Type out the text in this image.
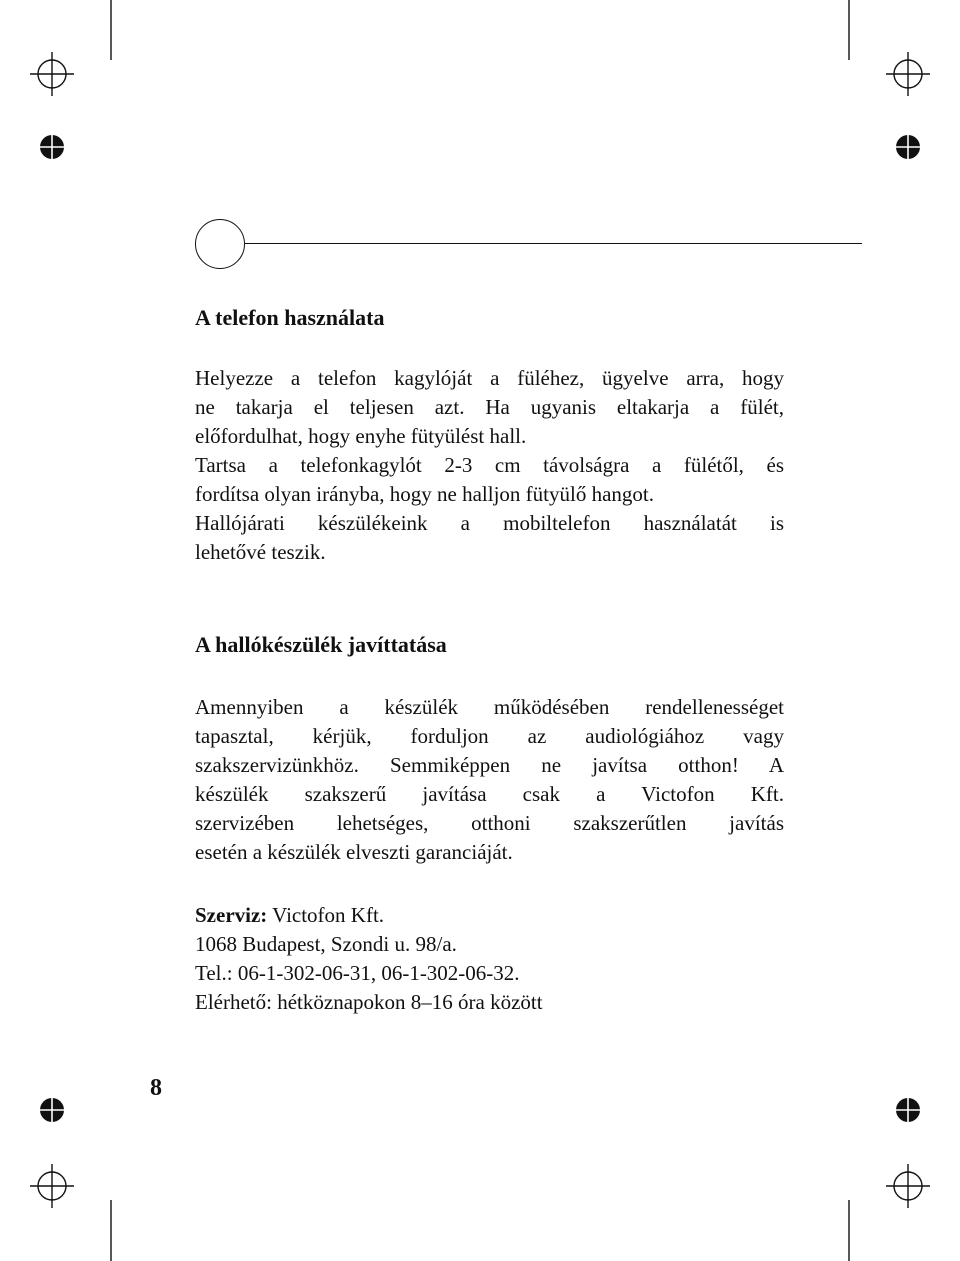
A telefon használata

Helyezze a telefon kagylóját a füléhez, ügyelve arra, hogy
ne takarja el teljesen azt. Ha ugyanis eltakarja a fülét,
előfordulhat, hogy enyhe fütyülést hall.
Tartsa a telefonkagylót 2-3 cm távolságra a fülétől, és
fordítsa olyan irányba, hogy ne halljon fütyülő hangot.
Hallójárati készülékeink a mobiltelefon használatát is
lehetővé teszik.

A hallókészülék javíttatása

Amennyiben a készülék működésében rendellenességet
tapasztal, kérjük, forduljon az audiológiához vagy
szakszervizünkhöz. Semmiképpen ne javítsa otthon! A
készülék szakszerű javítása csak a Victofon Kft.
szervizében lehetséges, otthoni szakszerűtlen javítás
esetén a készülék elveszti garanciáját.

Szerviz: Victofon Kft.
1068 Budapest, Szondi u. 98/a.
Tel.: 06-1-302-06-31, 06-1-302-06-32.
Elérhető: hétköznapokon 8–16 óra között
8
